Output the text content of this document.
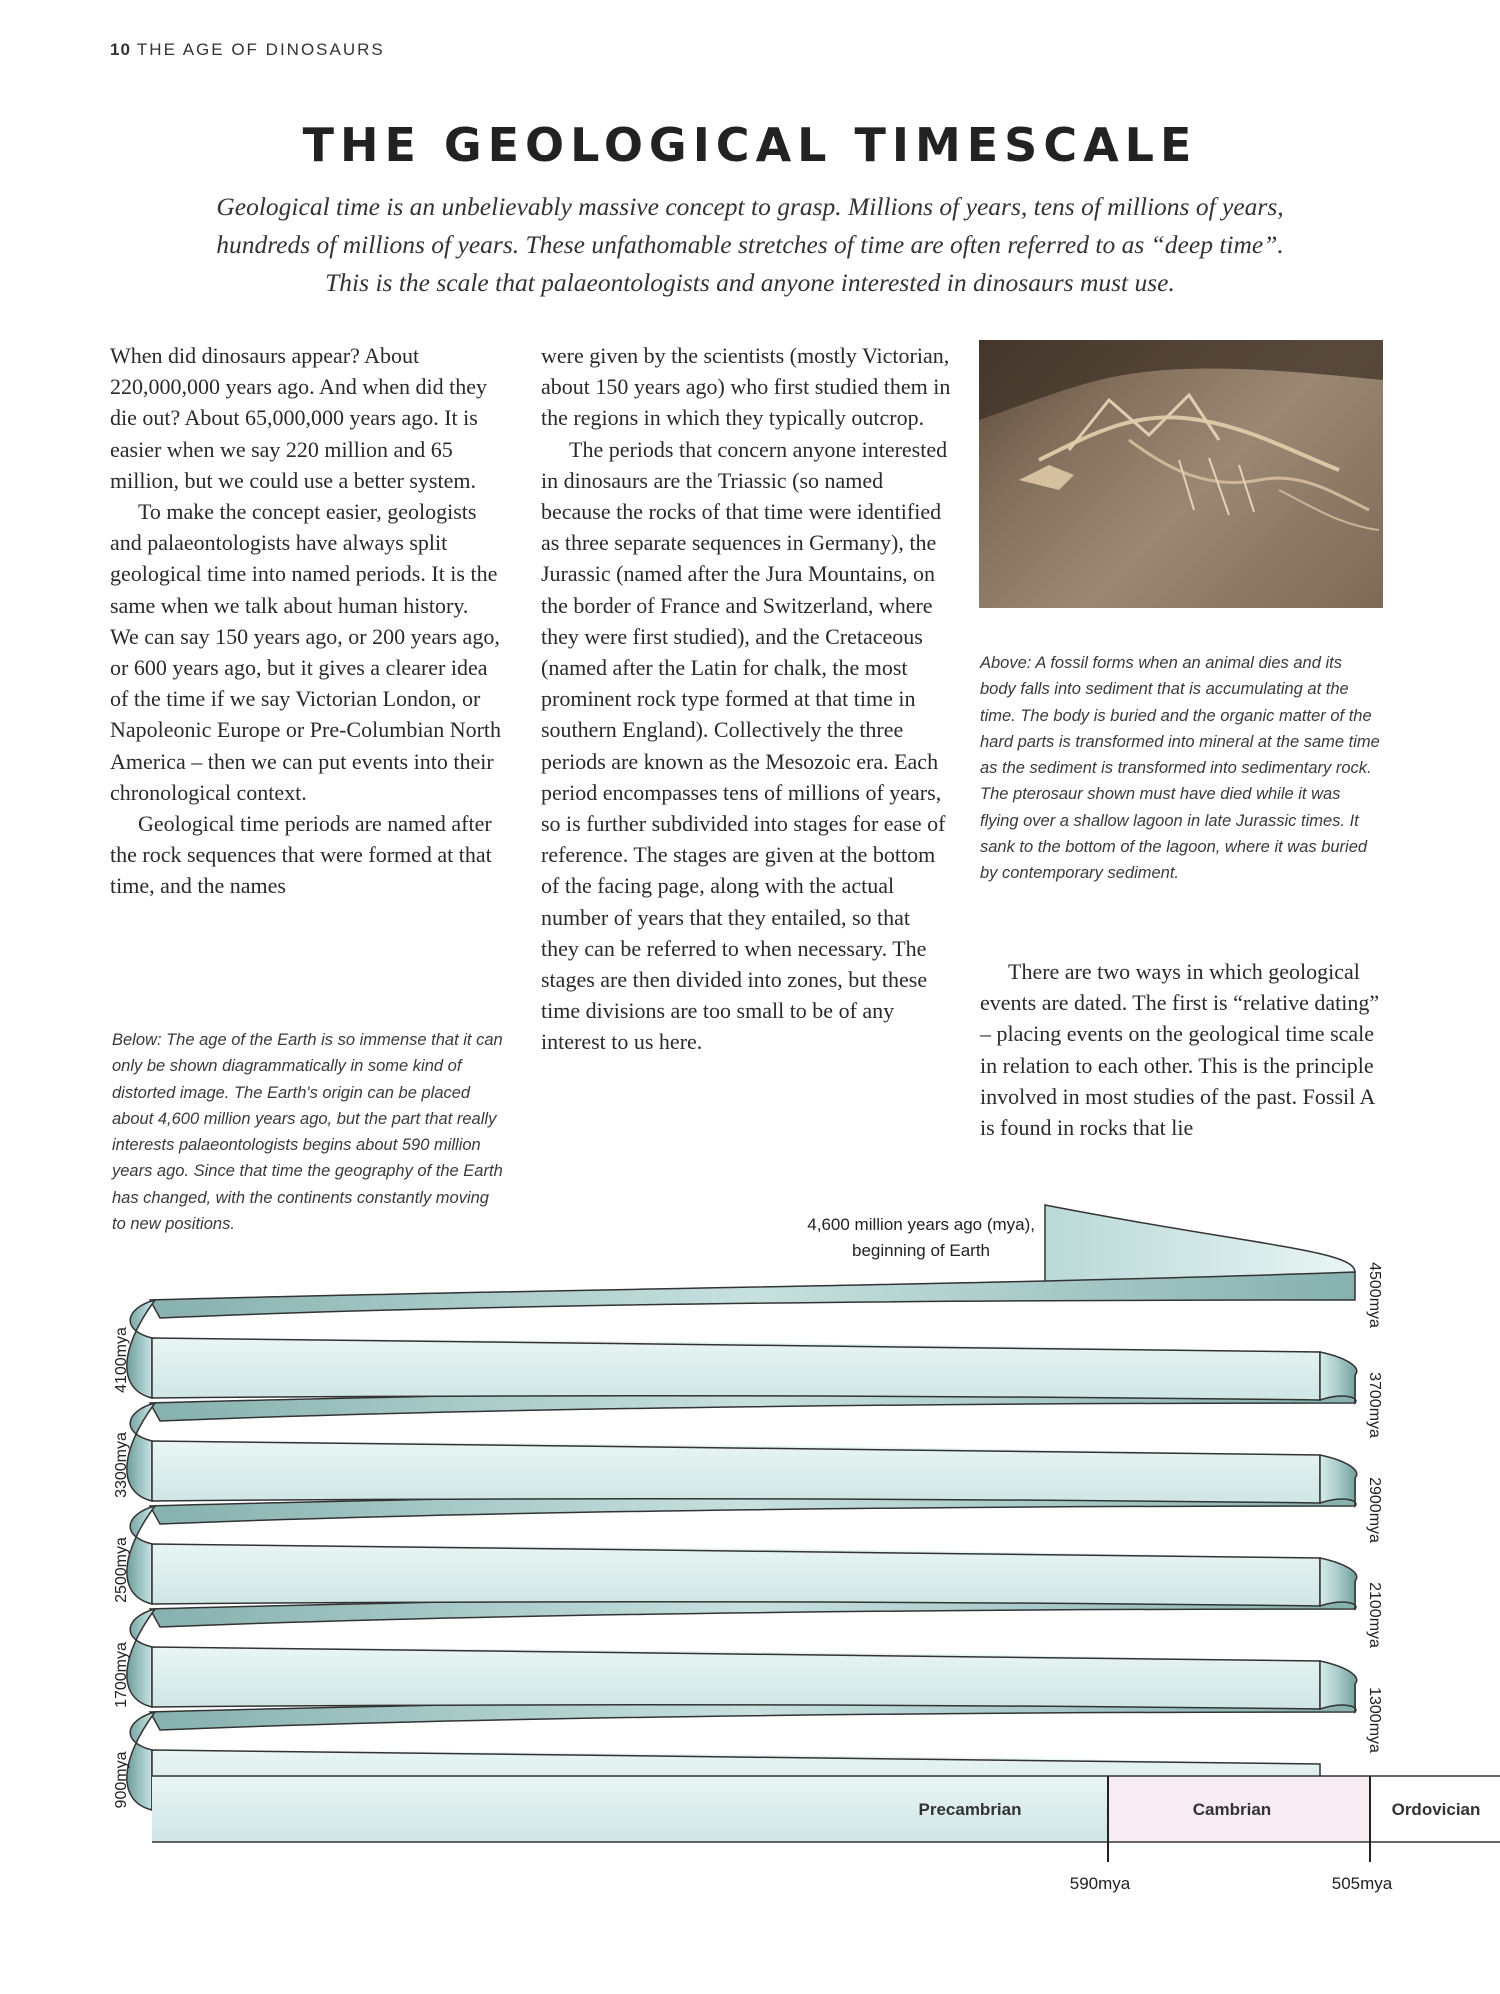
10 THE AGE OF DINOSAURS
THE GEOLOGICAL TIMESCALE
Geological time is an unbelievably massive concept to grasp. Millions of years, tens of millions of years,
hundreds of millions of years. These unfathomable stretches of time are often referred to as “deep time”.
This is the scale that palaeontologists and anyone interested in dinosaurs must use.

When did dinosaurs appear? About 220,000,000 years ago. And when did they die out? About 65,000,000 years ago. It is easier when we say 220 million and 65 million, but we could use a better system.

To make the concept easier, geologists and palaeontologists have always split geological time into named periods. It is the same when we talk about human history. We can say 150 years ago, or 200 years ago, or 600 years ago, but it gives a clearer idea of the time if we say Victorian London, or Napoleonic Europe or Pre-Columbian North America – then we can put events into their chronological context.

Geological time periods are named after the rock sequences that were formed at that time, and the names

were given by the scientists (mostly Victorian, about 150 years ago) who first studied them in the regions in which they typically outcrop.

The periods that concern anyone interested in dinosaurs are the Triassic (so named because the rocks of that time were identified as three separate sequences in Germany), the Jurassic (named after the Jura Mountains, on the border of France and Switzerland, where they were first studied), and the Cretaceous (named after the Latin for chalk, the most prominent rock type formed at that time in southern England). Collectively the three periods are known as the Mesozoic era. Each period encompasses tens of millions of years, so is further subdivided into stages for ease of reference. The stages are given at the bottom of the facing page, along with the actual number of years that they entailed, so that they can be referred to when necessary. The stages are then divided into zones, but these time divisions are too small to be of any interest to us here.

Above: A fossil forms when an animal dies and its body falls into sediment that is accumulating at the time. The body is buried and the organic matter of the hard parts is transformed into mineral at the same time as the sediment is transformed into sedimentary rock. The pterosaur shown must have died while it was flying over a shallow lagoon in late Jurassic times. It sank to the bottom of the lagoon, where it was buried by contemporary sediment.

There are two ways in which geological events are dated. The first is “relative dating” – placing events on the geological time scale in relation to each other. This is the principle involved in most studies of the past. Fossil A is found in rocks that lie

Below: The age of the Earth is so immense that it can only be shown diagrammatically in some kind of distorted image. The Earth's origin can be placed about 4,600 million years ago, but the part that really interests palaeontologists begins about 590 million years ago. Since that time the geography of the Earth has changed, with the continents constantly moving to new positions.	4,600 million years ago (mya),
beginning of Earth
4500mya
3700mya
2900mya
2100mya
1300mya
4100mya
3300mya
2500mya
1700mya
900mya
Precambrian	Cambrian	Ordovician
590mya	505mya
